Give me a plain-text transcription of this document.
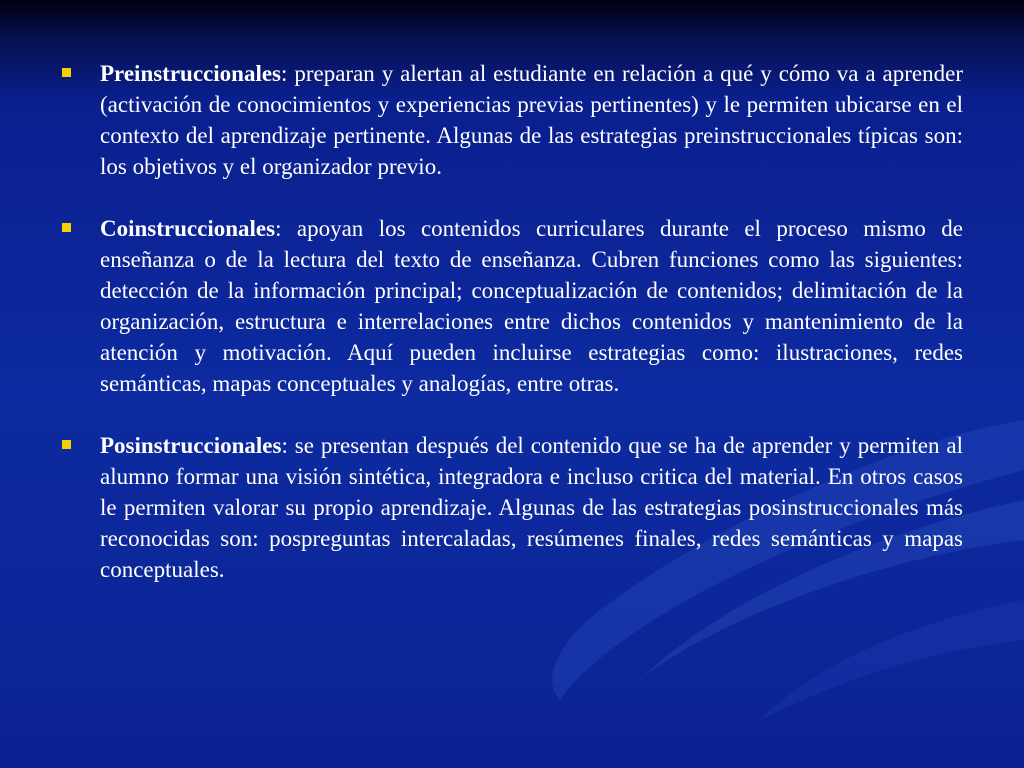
Preinstruccionales: preparan y alertan al estudiante en relación a qué y cómo va a aprender (activación de conocimientos y experiencias previas pertinentes) y le permiten ubicarse en el contexto del aprendizaje pertinente. Algunas de las estrategias preinstruccionales típicas son: los objetivos y el organizador previo.
Coinstruccionales: apoyan los contenidos curriculares durante el proceso mismo de enseñanza o de la lectura del texto de enseñanza. Cubren funciones como las siguientes: detección de la información principal; conceptualización de contenidos; delimitación de la organización, estructura e interrelaciones entre dichos contenidos y mantenimiento de la atención y motivación. Aquí pueden incluirse estrategias como: ilustraciones, redes semánticas, mapas conceptuales y analogías, entre otras.
Posinstruccionales: se presentan después del contenido que se ha de aprender y permiten al alumno formar una visión sintética, integradora e incluso critica del material. En otros casos le permiten valorar su propio aprendizaje. Algunas de las estrategias posinstruccionales más reconocidas son: pospreguntas intercaladas, resúmenes finales, redes semánticas y mapas conceptuales.
